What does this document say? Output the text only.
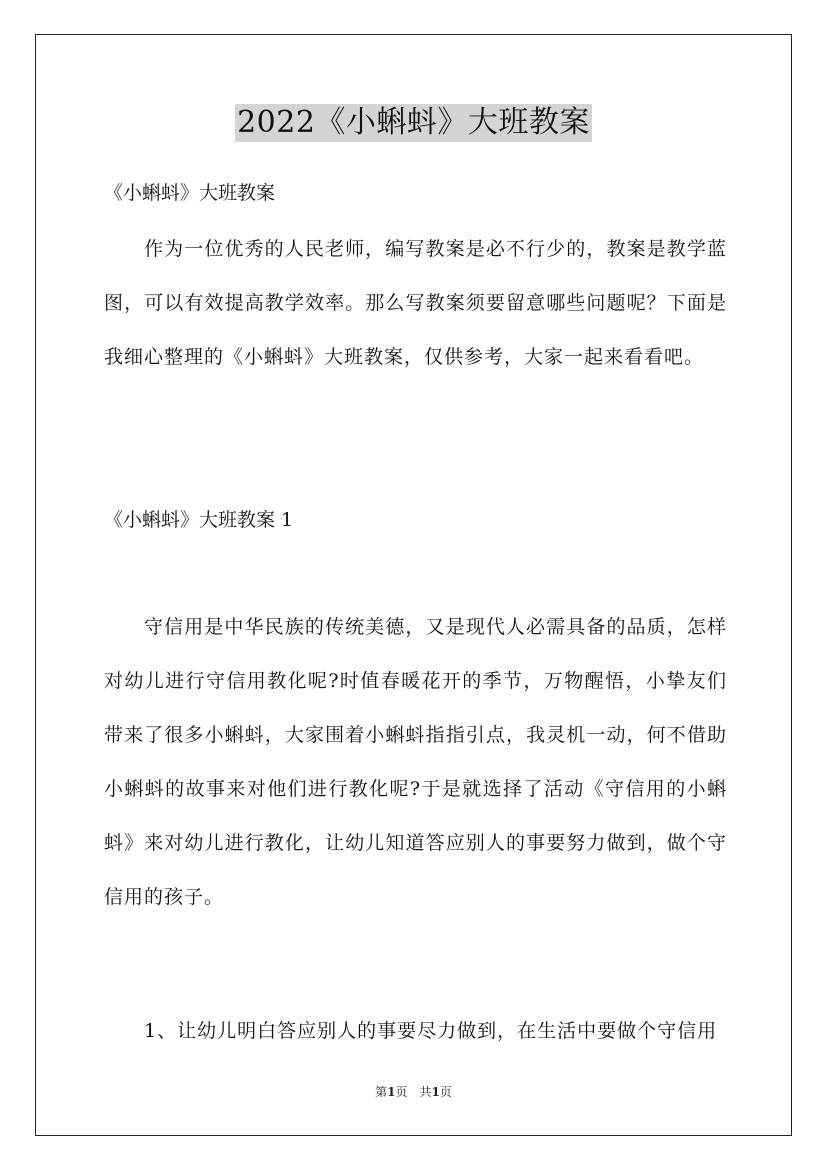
2022《小蝌蚪》大班教案

《小蝌蚪》大班教案

作为一位优秀的人民老师，编写教案是必不行少的，教案是教学蓝图，可以有效提高教学效率。那么写教案须要留意哪些问题呢？下面是我细心整理的《小蝌蚪》大班教案，仅供参考，大家一起来看看吧。

《小蝌蚪》大班教案 1

守信用是中华民族的传统美德，又是现代人必需具备的品质，怎样对幼儿进行守信用教化呢?时值春暖花开的季节，万物醒悟，小挚友们带来了很多小蝌蚪，大家围着小蝌蚪指指引点，我灵机一动，何不借助小蝌蚪的故事来对他们进行教化呢?于是就选择了活动《守信用的小蝌蚪》来对幼儿进行教化，让幼儿知道答应别人的事要努力做到，做个守信用的孩子。

1、让幼儿明白答应别人的事要尽力做到，在生活中要做个守信用

第1页　共1页
